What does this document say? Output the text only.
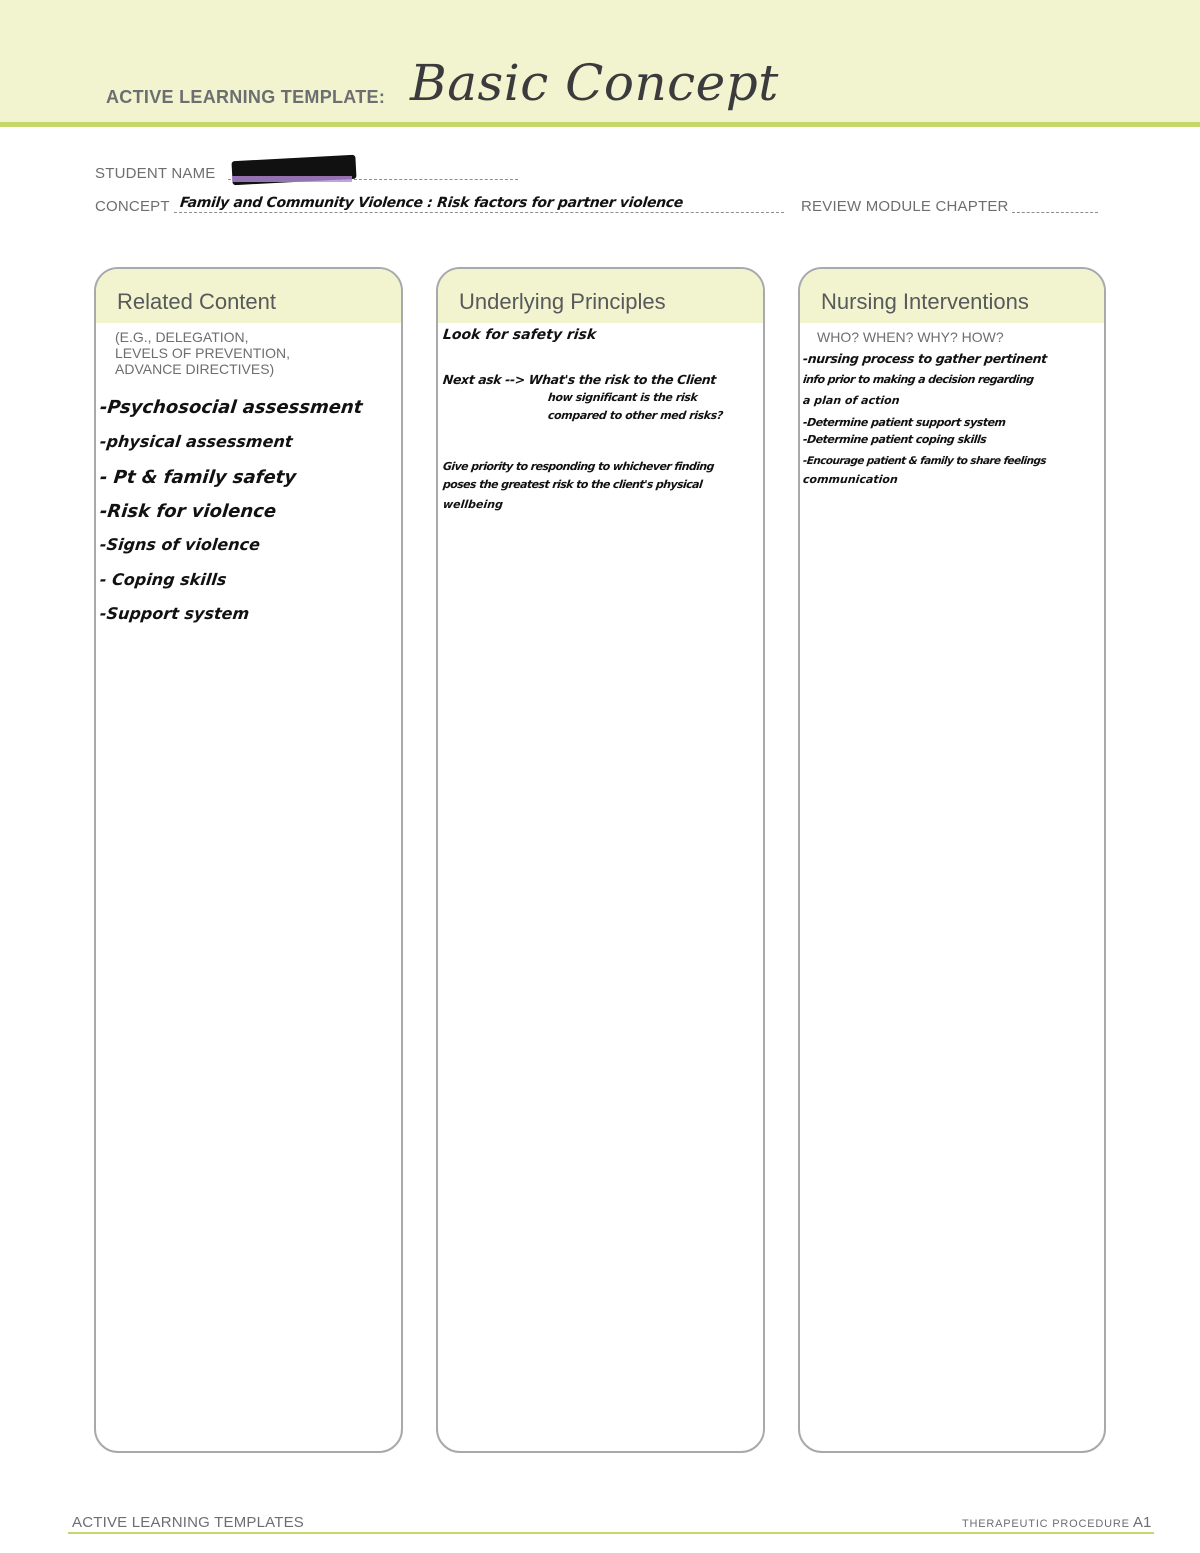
ACTIVE LEARNING TEMPLATE: Basic Concept
STUDENT NAME
CONCEPT Family and Community Violence : Risk factors for partner violence	REVIEW MODULE CHAPTER
Related Content
(E.G., DELEGATION,
LEVELS OF PREVENTION,
ADVANCE DIRECTIVES)
-Psychosocial assessment
-physical assessment
- Pt & family safety
-Risk for violence
-Signs of violence
- Coping skills
-Support system
Underlying Principles
Look for safety risk
Next ask --> What's the risk to the Client
how significant is the risk
compared to other med risks?
Give priority to responding to whichever finding
poses the greatest risk to the client's physical
wellbeing
Nursing Interventions
WHO? WHEN? WHY? HOW?
-nursing process to gather pertinent
info prior to making a decision regarding
a plan of action
-Determine patient support system
-Determine patient coping skills
-Encourage patient & family to share feelings
communication
ACTIVE LEARNING TEMPLATES	THERAPEUTIC PROCEDURE A1
